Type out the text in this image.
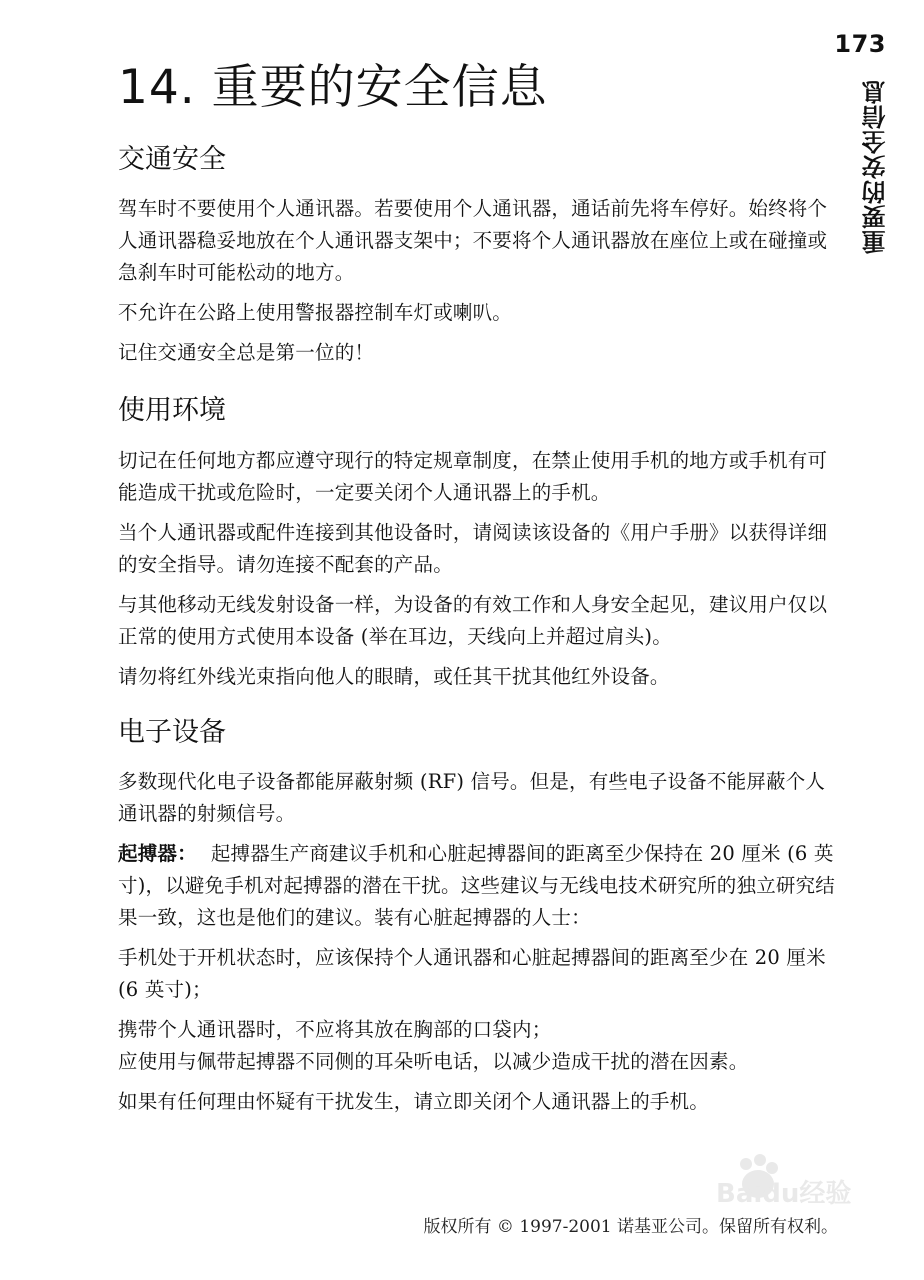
173
重要的安全信息
14. 重要的安全信息
交通安全

驾车时不要使用个人通讯器。若要使用个人通讯器，通话前先将车停好。始终将个人通讯器稳妥地放在个人通讯器支架中；不要将个人通讯器放在座位上或在碰撞或急刹车时可能松动的地方。

不允许在公路上使用警报器控制车灯或喇叭。

记住交通安全总是第一位的！

使用环境

切记在任何地方都应遵守现行的特定规章制度，在禁止使用手机的地方或手机有可能造成干扰或危险时，一定要关闭个人通讯器上的手机。

当个人通讯器或配件连接到其他设备时，请阅读该设备的《用户手册》以获得详细的安全指导。请勿连接不配套的产品。

与其他移动无线发射设备一样，为设备的有效工作和人身安全起见，建议用户仅以正常的使用方式使用本设备 (举在耳边，天线向上并超过肩头)。

请勿将红外线光束指向他人的眼睛，或任其干扰其他红外设备。

电子设备

多数现代化电子设备都能屏蔽射频 (RF) 信号。但是，有些电子设备不能屏蔽个人通讯器的射频信号。

起搏器： 起搏器生产商建议手机和心脏起搏器间的距离至少保持在 20 厘米 (6 英寸)，以避免手机对起搏器的潜在干扰。这些建议与无线电技术研究所的独立研究结果一致，这也是他们的建议。装有心脏起搏器的人士：

手机处于开机状态时，应该保持个人通讯器和心脏起搏器间的距离至少在 20 厘米 (6 英寸)；

携带个人通讯器时，不应将其放在胸部的口袋内；

应使用与佩带起搏器不同侧的耳朵听电话，以减少造成干扰的潜在因素。

如果有任何理由怀疑有干扰发生，请立即关闭个人通讯器上的手机。

Baidu经验
版权所有 © 1997-2001 诺基亚公司。保留所有权利。
